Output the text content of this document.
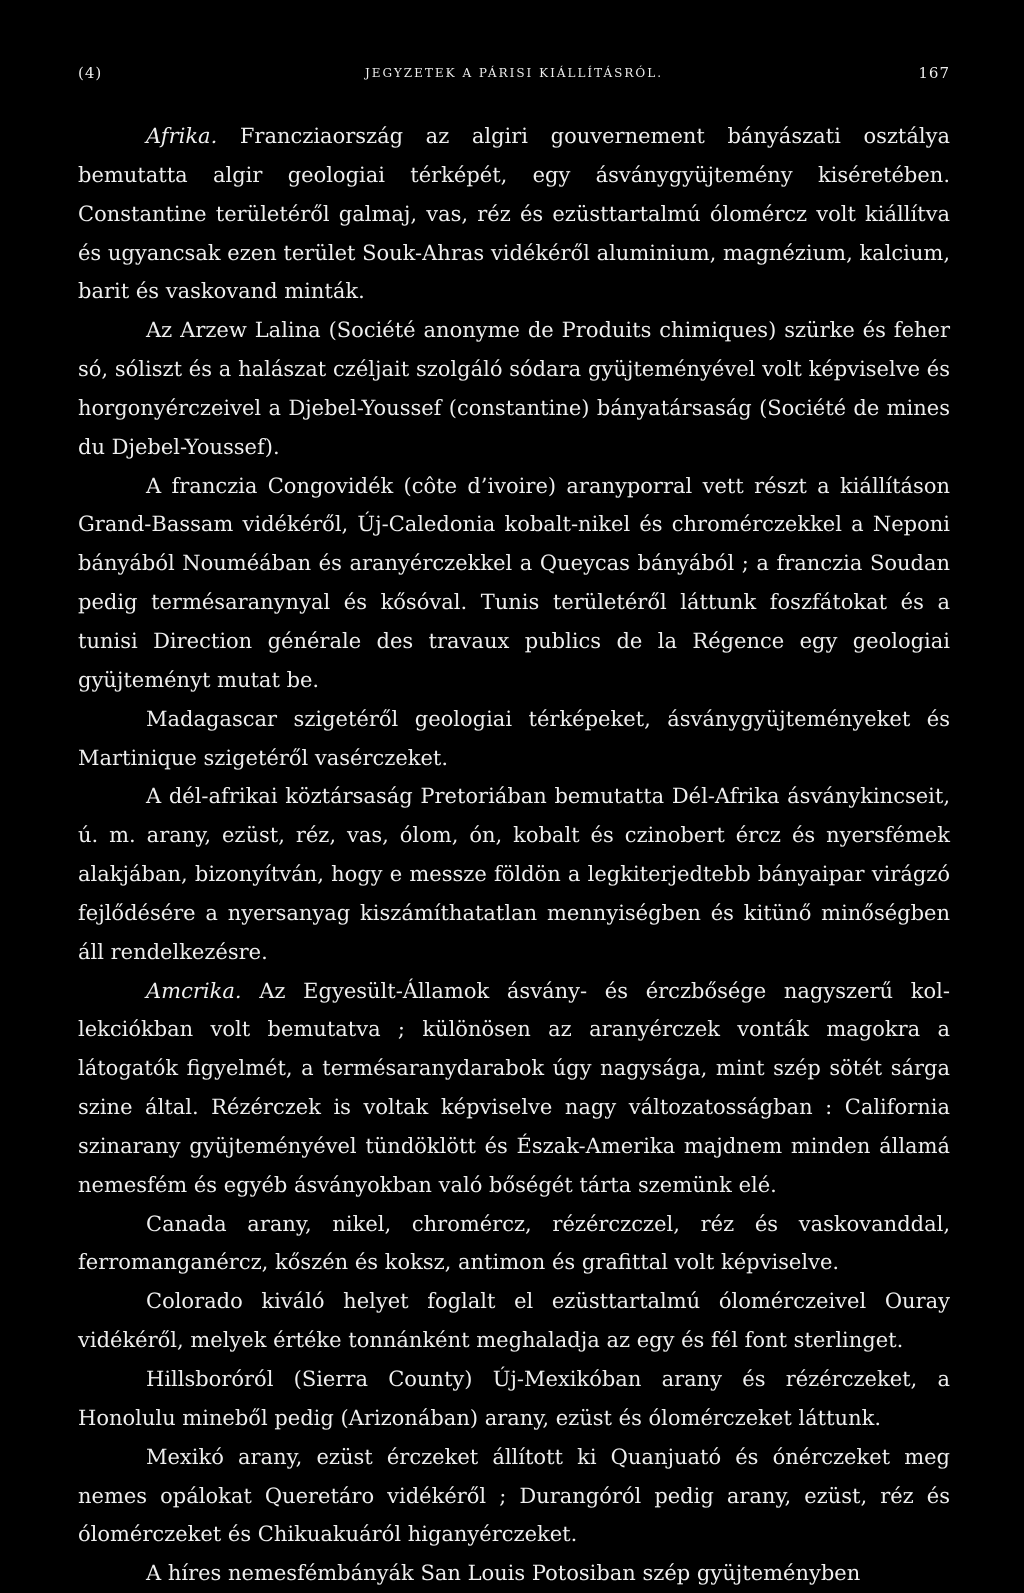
(4)	JEGYZETEK A PÁRISI KIÁLLÍTÁSRÓL.	167

Afrika. Francziaország az algiri gouvernement bányászati osztálya bemutatta algir geologiai térképét, egy ásványgyüjtemény kiséretében. Constantine területéről galmaj, vas, réz és ezüsttartalmú ólomércz volt kiállítva és ugyancsak ezen terület Souk-Ahras vidékéről aluminium, magnézium, kalcium, barit és vaskovand minták.

Az Arzew Lalina (Société anonyme de Produits chimiques) szürke és feher só, sóliszt és a halászat czéljait szolgáló sódara gyüjteményével volt képviselve és horgonyérczeivel a Djebel-Youssef (constantine) bányatársaság (Société de mines du Djebel-Youssef).

A franczia Congovidék (côte d’ivoire) aranyporral vett részt a kiállításon Grand-Bassam vidékéről, Új-Caledonia kobalt-nikel és chromérczekkel a Neponi bányából Nouméában és aranyérczekkel a Queycas bányából ; a franczia Soudan pedig termésaranynyal és kősóval. Tunis területéről láttunk foszfátokat és a tunisi Direction générale des travaux publics de la Régence egy geologiai gyüjteményt mutat be.

Madagascar szigetéről geologiai térképeket, ásványgyüjteményeket és Martinique szigetéről vasérczeket.

A dél-afrikai köztársaság Pretoriában bemutatta Dél-Afrika ásványkincseit, ú. m. arany, ezüst, réz, vas, ólom, ón, kobalt és czinobert ércz és nyersfémek alakjában, bizonyítván, hogy e messze földön a legkiterjedtebb bányaipar virágzó fejlődésére a nyersanyag kiszámíthatatlan mennyiségben és kitünő minőségben áll rendelkezésre.

Amcrika. Az Egyesült-Államok ásvány- és érczbősége nagyszerű kollekciókban volt bemutatva ; különösen az aranyérczek vonták magokra a látogatók figyelmét, a termésaranydarabok úgy nagysága, mint szép sötét sárga szine által. Rézérczek is voltak képviselve nagy változatosságban : California szinarany gyüjteményével tündöklött és Észak-Amerika majdnem minden államá nemesfém és egyéb ásványokban való bőségét tárta szemünk elé.

Canada arany, nikel, chromércz, rézérczczel, réz és vaskovanddal, ferromanganércz, kőszén és koksz, antimon és grafittal volt képviselve.

Colorado kiváló helyet foglalt el ezüsttartalmú ólomérczeivel Ouray vidékéről, melyek értéke tonnánként meghaladja az egy és fél font sterlinget.

Hillsboróról (Sierra County) Új-Mexikóban arany és rézérczeket, a Honolulu mineből pedig (Arizonában) arany, ezüst és ólomérczeket láttunk.

Mexikó arany, ezüst érczeket állított ki Quanjuató és ónérczeket meg nemes opálokat Queretáro vidékéről ; Durangóról pedig arany, ezüst, réz és ólomérczeket és Chikuakuáról higanyérczeket.

A híres nemesfémbányák San Louis Potosiban szép gyüjteményben
